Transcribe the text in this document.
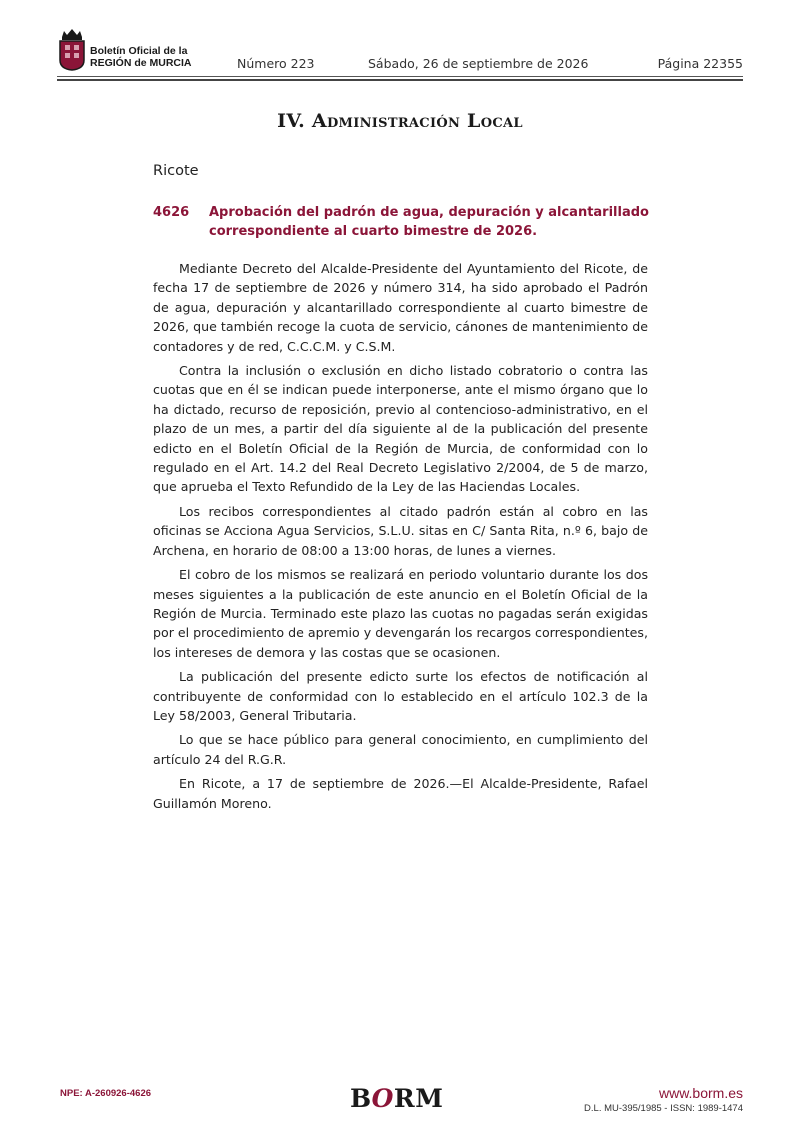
Boletín Oficial de la
REGIÓN de MURCIA	Número 223	Sábado, 26 de septiembre de 2026	Página 22355
IV. Administración Local
Ricote
4626 Aprobación del padrón de agua, depuración y alcantarillado correspondiente al cuarto bimestre de 2026.

Mediante Decreto del Alcalde-Presidente del Ayuntamiento del Ricote, de fecha 17 de septiembre de 2026 y número 314, ha sido aprobado el Padrón de agua, depuración y alcantarillado correspondiente al cuarto bimestre de 2026, que también recoge la cuota de servicio, cánones de mantenimiento de contadores y de red, C.C.C.M. y C.S.M.

Contra la inclusión o exclusión en dicho listado cobratorio o contra las cuotas que en él se indican puede interponerse, ante el mismo órgano que lo ha dictado, recurso de reposición, previo al contencioso-administrativo, en el plazo de un mes, a partir del día siguiente al de la publicación del presente edicto en el Boletín Oficial de la Región de Murcia, de conformidad con lo regulado en el Art. 14.2 del Real Decreto Legislativo 2/2004, de 5 de marzo, que aprueba el Texto Refundido de la Ley de las Haciendas Locales.

Los recibos correspondientes al citado padrón están al cobro en las oficinas se Acciona Agua Servicios, S.L.U. sitas en C/ Santa Rita, n.º 6, bajo de Archena, en horario de 08:00 a 13:00 horas, de lunes a viernes.

El cobro de los mismos se realizará en periodo voluntario durante los dos meses siguientes a la publicación de este anuncio en el Boletín Oficial de la Región de Murcia. Terminado este plazo las cuotas no pagadas serán exigidas por el procedimiento de apremio y devengarán los recargos correspondientes, los intereses de demora y las costas que se ocasionen.

La publicación del presente edicto surte los efectos de notificación al contribuyente de conformidad con lo establecido en el artículo 102.3 de la Ley 58/2003, General Tributaria.

Lo que se hace público para general conocimiento, en cumplimiento del artículo 24 del R.G.R.

En Ricote, a 17 de septiembre de 2026.—El Alcalde-Presidente, Rafael Guillamón Moreno.

NPE: A-260926-4626	BORM	www.borm.es
D.L. MU-395/1985 - ISSN: 1989-1474
